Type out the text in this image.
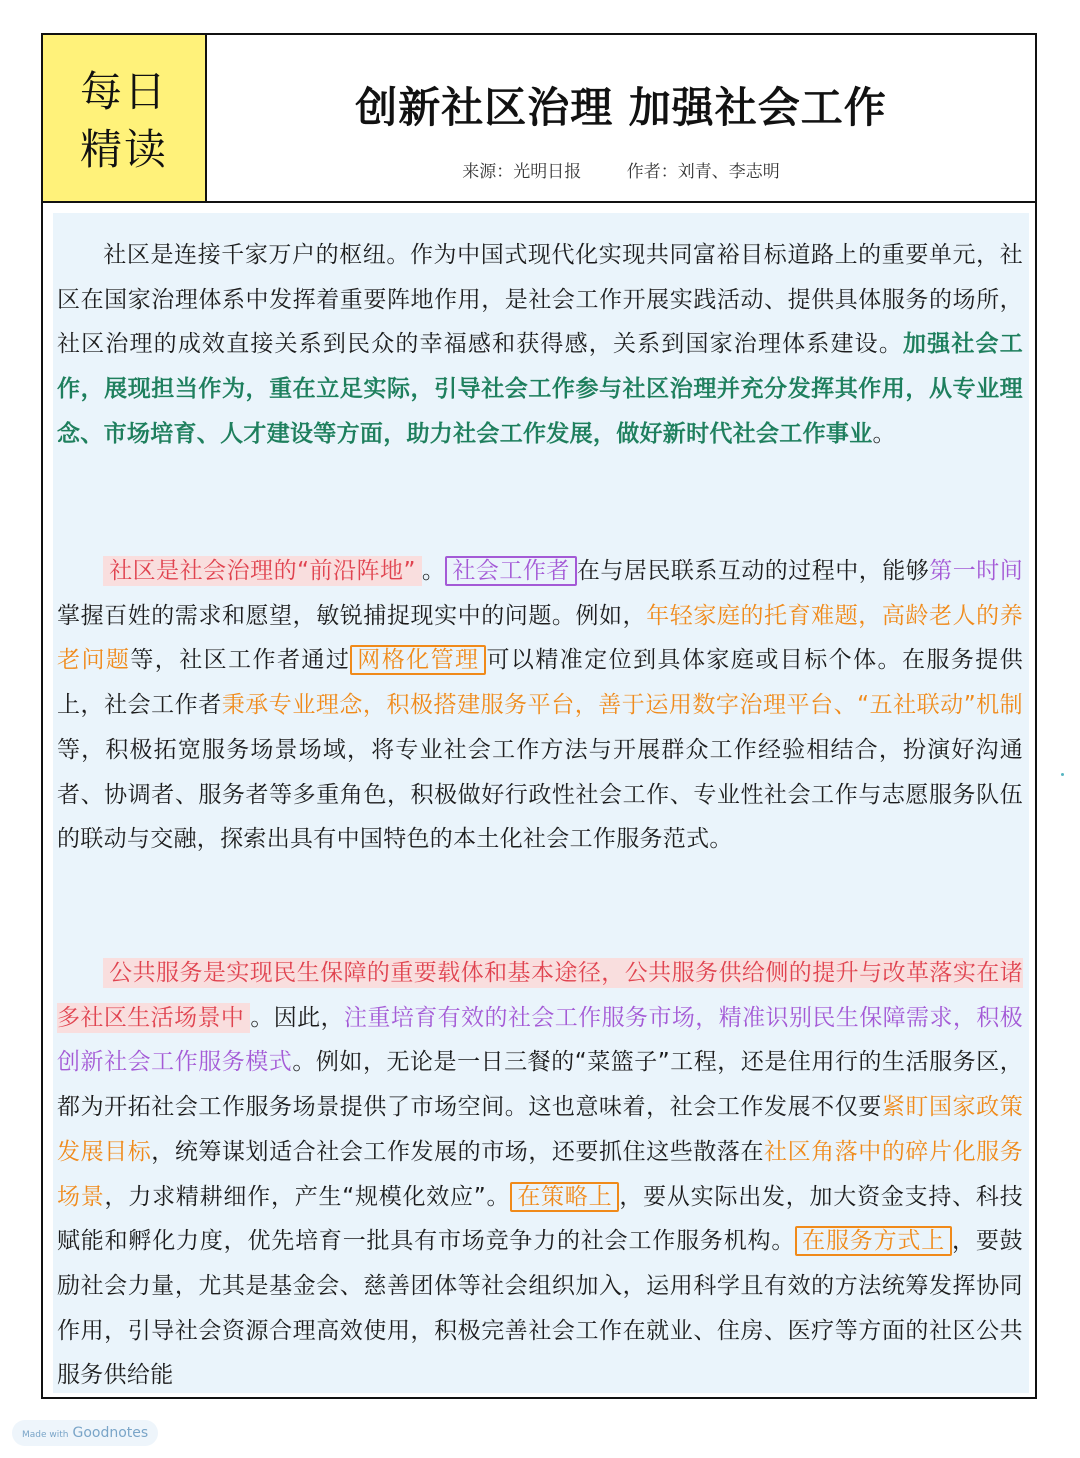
每日精读
创新社区治理 加强社会工作
来源：光明日报	作者：刘青、李志明
社区是连接千家万户的枢纽。作为中国式现代化实现共同富裕目标道路上的重要单元，社区在国家治理体系中发挥着重要阵地作用，是社会工作开展实践活动、提供具体服务的场所，社区治理的成效直接关系到民众的幸福感和获得感，关系到国家治理体系建设。加强社会工作，展现担当作为，重在立足实际，引导社会工作参与社区治理并充分发挥其作用，从专业理念、市场培育、人才建设等方面，助力社会工作发展，做好新时代社会工作事业。
社区是社会治理的“前沿阵地” 。 社会工作者 在与居民联系互动的过程中，能够第一时间掌握百姓的需求和愿望，敏锐捕捉现实中的问题。例如，年轻家庭的托育难题，高龄老人的养老问题等，社区工作者通过 网格化管理 可以精准定位到具体家庭或目标个体。在服务提供上，社会工作者秉承专业理念，积极搭建服务平台，善于运用数字治理平台、“五社联动”机制等，积极拓宽服务场景场域，将专业社会工作方法与开展群众工作经验相结合，扮演好沟通者、协调者、服务者等多重角色，积极做好行政性社会工作、专业性社会工作与志愿服务队伍的联动与交融，探索出具有中国特色的本土化社会工作服务范式。
公共服务是实现民生保障的重要载体和基本途径，公共服务供给侧的提升与改革落实在诸多社区生活场景中 。因此，注重培育有效的社会工作服务市场，精准识别民生保障需求，积极创新社会工作服务模式。例如，无论是一日三餐的“菜篮子”工程，还是住用行的生活服务区，都为开拓社会工作服务场景提供了市场空间。这也意味着，社会工作发展不仅要紧盯国家政策发展目标，统筹谋划适合社会工作发展的市场，还要抓住这些散落在社区角落中的碎片化服务场景，力求精耕细作，产生“规模化效应”。 在策略上 ，要从实际出发，加大资金支持、科技赋能和孵化力度，优先培育一批具有市场竞争力的社会工作服务机构。 在服务方式上 ，要鼓励社会力量，尤其是基金会、慈善团体等社会组织加入，运用科学且有效的方法统筹发挥协同作用，引导社会资源合理高效使用，积极完善社会工作在就业、住房、医疗等方面的社区公共服务供给能
Made with Goodnotes
